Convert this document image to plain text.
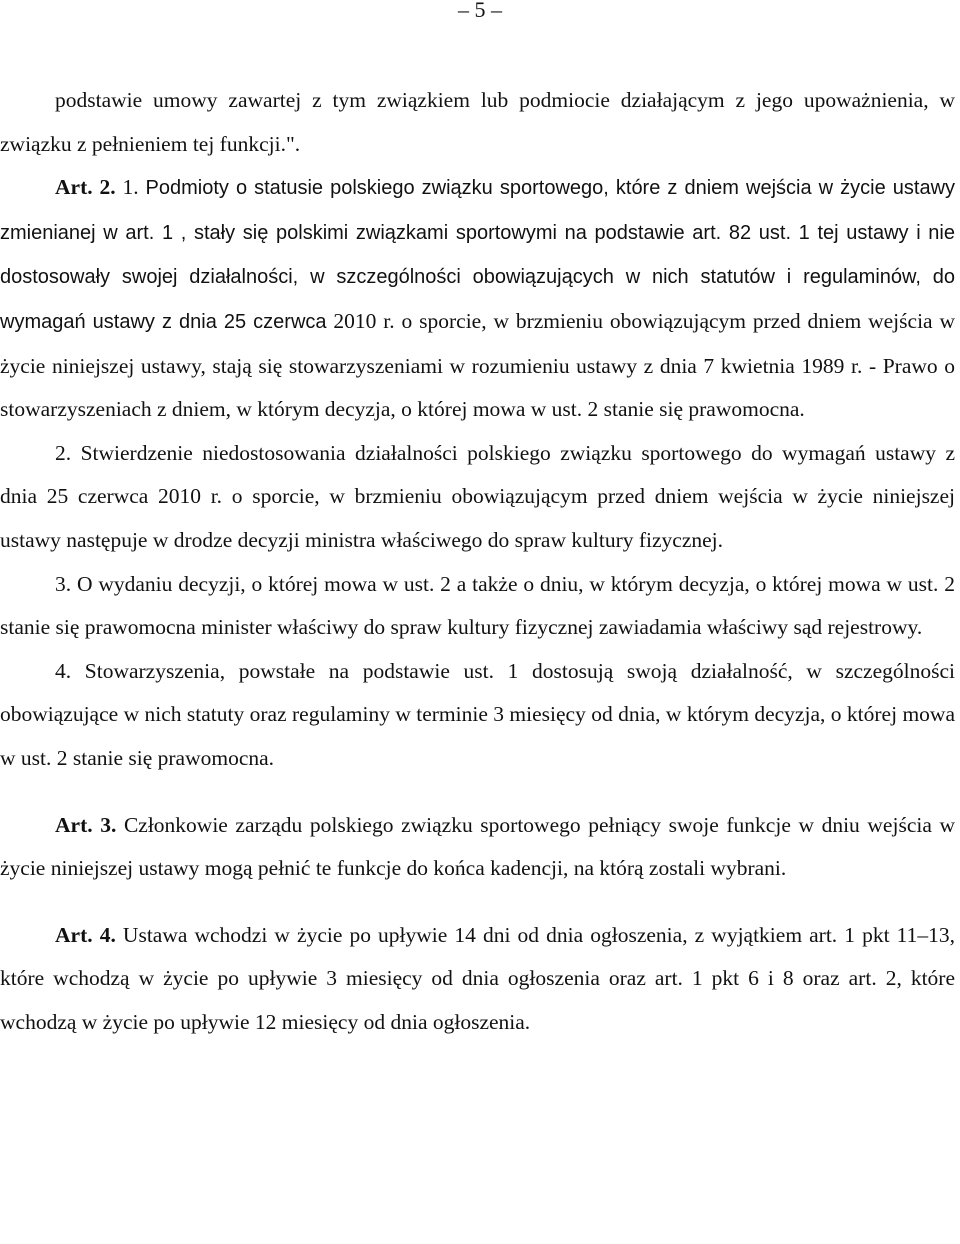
– 5 –

podstawie umowy zawartej z tym związkiem lub podmiocie działającym z jego upoważnienia, w związku z pełnieniem tej funkcji.".

Art. 2. 1. Podmioty o statusie polskiego związku sportowego, które z dniem wejścia w życie ustawy zmienianej w art. 1 , stały się polskimi związkami sportowymi na podstawie art. 82 ust. 1 tej ustawy i nie dostosowały swojej działalności, w szczególności obowiązujących w nich statutów i regulaminów, do wymagań ustawy z dnia 25 czerwca 2010 r. o sporcie, w brzmieniu obowiązującym przed dniem wejścia w życie niniejszej ustawy, stają się stowarzyszeniami w rozumieniu ustawy z dnia 7 kwietnia 1989 r. - Prawo o stowarzyszeniach z dniem, w którym decyzja, o której mowa w ust. 2 stanie się prawomocna.

2. Stwierdzenie niedostosowania działalności polskiego związku sportowego do wymagań ustawy z dnia 25 czerwca 2010 r. o sporcie, w brzmieniu obowiązującym przed dniem wejścia w życie niniejszej ustawy następuje w drodze decyzji ministra właściwego do spraw kultury fizycznej.

3. O wydaniu decyzji, o której mowa w ust. 2 a także o dniu, w którym decyzja, o której mowa w ust. 2 stanie się prawomocna minister właściwy do spraw kultury fizycznej zawiadamia właściwy sąd rejestrowy.

4. Stowarzyszenia, powstałe na podstawie ust. 1 dostosują swoją działalność, w szczególności obowiązujące w nich statuty oraz regulaminy w terminie 3 miesięcy od dnia, w którym decyzja, o której mowa w ust. 2 stanie się prawomocna.

Art. 3. Członkowie zarządu polskiego związku sportowego pełniący swoje funkcje w dniu wejścia w życie niniejszej ustawy mogą pełnić te funkcje do końca kadencji, na którą zostali wybrani.

Art. 4. Ustawa wchodzi w życie po upływie 14 dni od dnia ogłoszenia, z wyjątkiem art. 1 pkt 11–13, które wchodzą w życie po upływie 3 miesięcy od dnia ogłoszenia oraz art. 1 pkt 6 i 8 oraz art. 2, które wchodzą w życie po upływie 12 miesięcy od dnia ogłoszenia.
